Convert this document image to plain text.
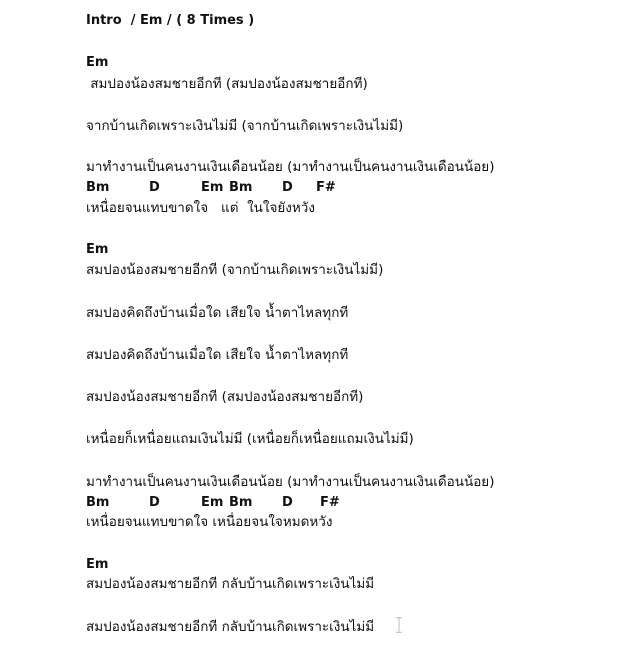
Intro  / Em / ( 8 Times )
Em
สมปองน้องสมชายอีกที (สมปองน้องสมชายอีกที)
จากบ้านเกิดเพราะเงินไม่มี (จากบ้านเกิดเพราะเงินไม่มี)
มาทำงานเป็นคนงานเงินเดือนน้อย (มาทำงานเป็นคนงานเงินเดือนน้อย)
Bm	D	Em Bm D F#
เหนื่อยจนแทบขาดใจ   แต่  ในใจยังหวัง
Em
สมปองน้องสมชายอีกที (จากบ้านเกิดเพราะเงินไม่มี)
สมปองคิดถึงบ้านเมื่อใด เสียใจ น้ำตาไหลทุกที
สมปองคิดถึงบ้านเมื่อใด เสียใจ น้ำตาไหลทุกที
สมปองน้องสมชายอีกที (สมปองน้องสมชายอีกที)
เหนื่อยก็เหนื่อยแถมเงินไม่มี (เหนื่อยก็เหนื่อยแถมเงินไม่มี)
มาทำงานเป็นคนงานเงินเดือนน้อย (มาทำงานเป็นคนงานเงินเดือนน้อย)
Bm	D	Em Bm D F#
เหนื่อยจนแทบขาดใจ เหนื่อยจนใจหมดหวัง
Em
สมปองน้องสมชายอีกที กลับบ้านเกิดเพราะเงินไม่มี
สมปองน้องสมชายอีกที กลับบ้านเกิดเพราะเงินไม่มี
